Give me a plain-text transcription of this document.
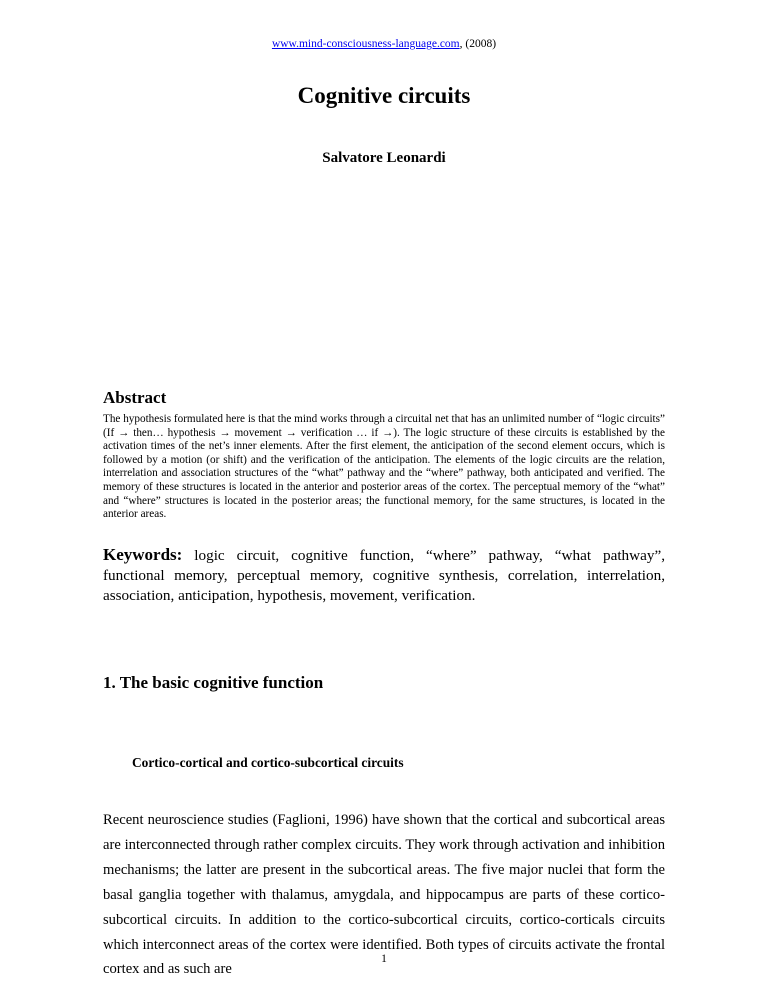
www.mind-consciousness-language.com, (2008)
Cognitive circuits
Salvatore Leonardi
Abstract

The hypothesis formulated here is that the mind works through a circuital net that has an unlimited number of “logic circuits” (If → then… hypothesis → movement → verification … if →). The logic structure of these circuits is established by the activation times of the net’s inner elements. After the first element, the anticipation of the second element occurs, which is followed by a motion (or shift) and the verification of the anticipation. The elements of the logic circuits are the relation, interrelation and association structures of the “what” pathway and the “where” pathway, both anticipated and verified. The memory of these structures is located in the anterior and posterior areas of the cortex. The perceptual memory of the “what” and “where” structures is located in the posterior areas; the functional memory, for the same structures, is located in the anterior areas.

Keywords: logic circuit, cognitive function, “where” pathway, “what pathway”, functional memory, perceptual memory, cognitive synthesis, correlation, interrelation, association, anticipation, hypothesis, movement, verification.

1. The basic cognitive function
Cortico-cortical and cortico-subcortical circuits

Recent neuroscience studies (Faglioni, 1996) have shown that the cortical and subcortical areas are interconnected through rather complex circuits. They work through activation and inhibition mechanisms; the latter are present in the subcortical areas. The five major nuclei that form the basal ganglia together with thalamus, amygdala, and hippocampus are parts of these cortico-subcortical circuits. In addition to the cortico-subcortical circuits, cortico-corticals circuits which interconnect areas of the cortex were identified. Both types of circuits activate the frontal cortex and as such are

1
